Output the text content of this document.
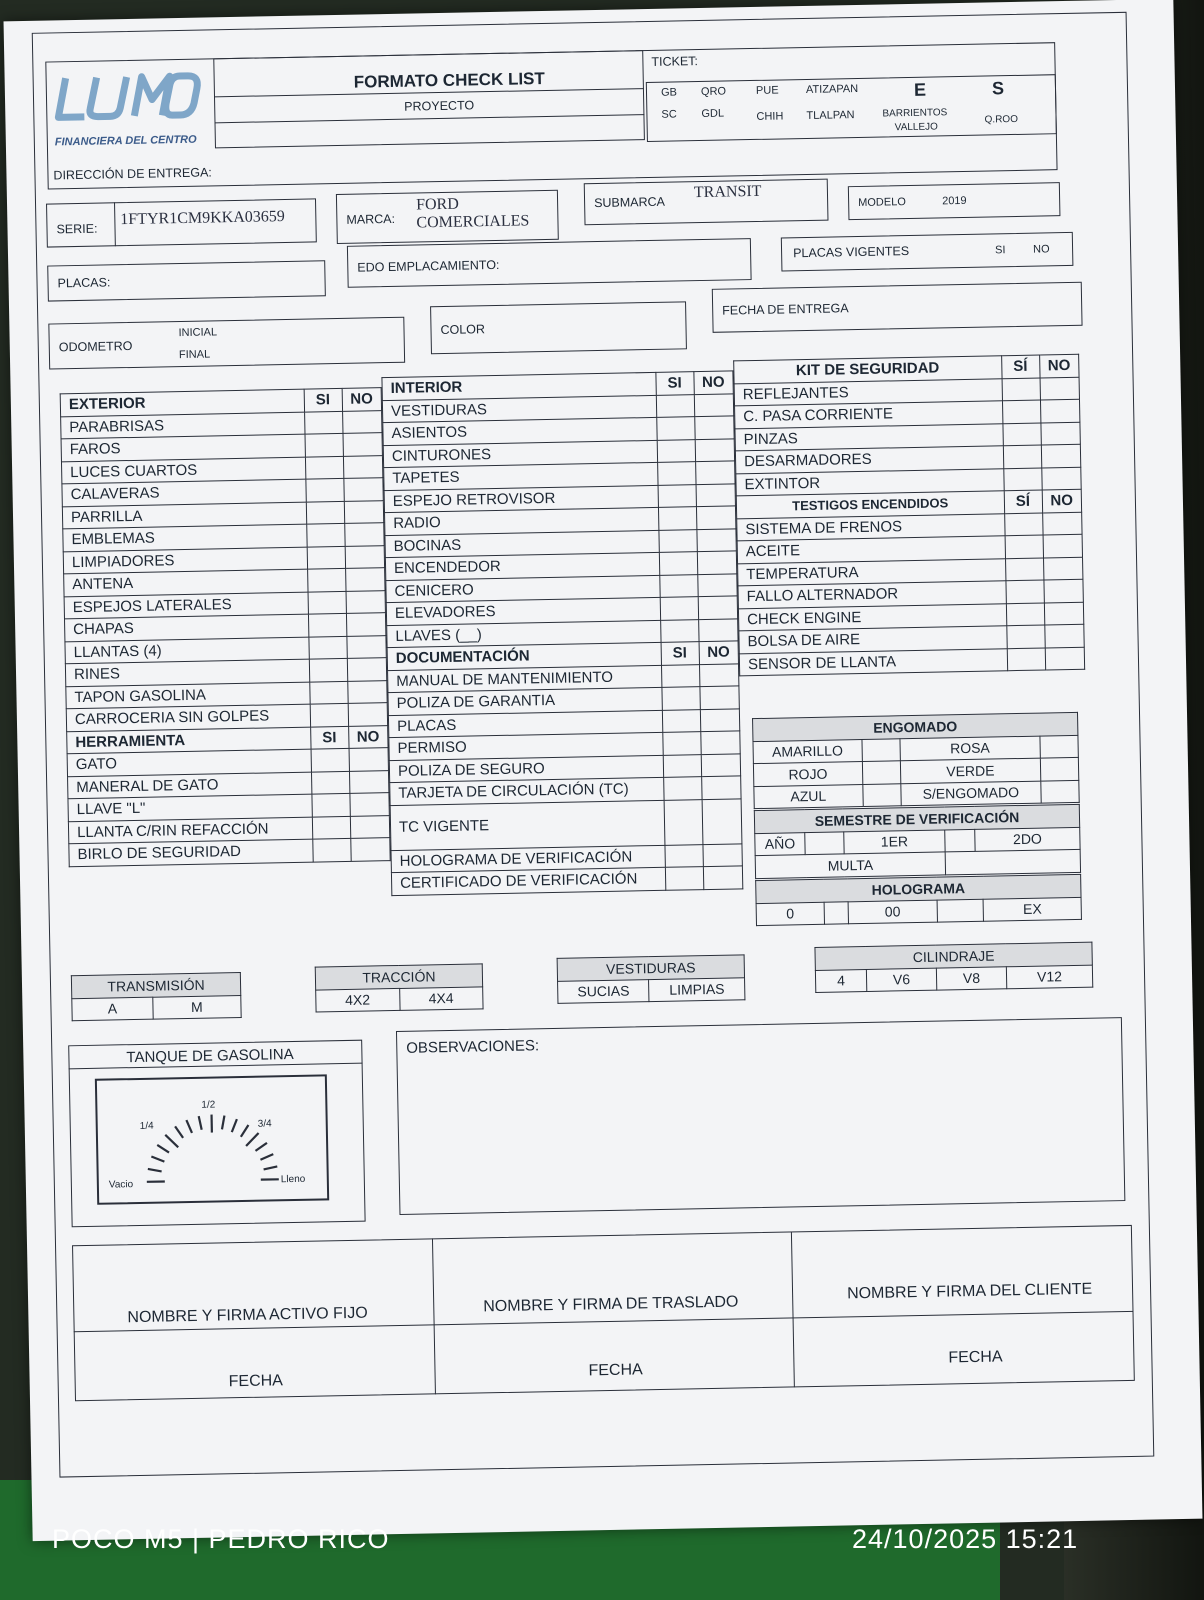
FINANCIERA DEL CENTRO
FORMATO CHECK LIST
PROYECTO
TICKET:
GB QRO	PUE ATIZAPAN	E	S
SC GDL	CHIH TLALPAN	BARRIENTOS
VALLEJO
Q.ROO
DIRECCIÓN DE ENTREGA:
SERIE:
1FTYR1CM9KKA03659	MARCA:
FORD COMERCIALES
SUBMARCA
TRANSIT
MODELO	2019
PLACAS:
EDO EMPLACAMIENTO:
PLACAS VIGENTES	SI NO
ODOMETRO
INICIAL
FINAL
COLOR
FECHA DE ENTREGA
EXTERIOR	SI	NO
PARABRISAS		
FAROS		
LUCES CUARTOS		
CALAVERAS		
PARRILLA		
EMBLEMAS		
LIMPIADORES		
ANTENA		
ESPEJOS LATERALES		
CHAPAS		
LLANTAS (4)		
RINES		
TAPON GASOLINA		
CARROCERIA SIN GOLPES		
HERRAMIENTA	SI	NO
GATO		
MANERAL DE GATO		
LLAVE "L"		
LLANTA C/RIN REFACCIÓN		
BIRLO DE SEGURIDAD		
INTERIOR	SI	NO
VESTIDURAS		
ASIENTOS		
CINTURONES		
TAPETES		
ESPEJO RETROVISOR		
RADIO		
BOCINAS		
ENCENDEDOR		
CENICERO		
ELEVADORES		
LLAVES (__)		
DOCUMENTACIÓN	SI	NO
MANUAL DE MANTENIMIENTO		
POLIZA DE GARANTIA		
PLACAS		
PERMISO		
POLIZA DE SEGURO		
TARJETA DE CIRCULACIÓN (TC)		
TC VIGENTE		
HOLOGRAMA DE VERIFICACIÓN		
CERTIFICADO DE VERIFICACIÓN		
KIT DE SEGURIDAD	SÍ	NO
REFLEJANTES		
C. PASA CORRIENTE		
PINZAS		
DESARMADORES		
EXTINTOR		
TESTIGOS ENCENDIDOS	SÍ	NO
SISTEMA DE FRENOS		
ACEITE		
TEMPERATURA		
FALLO ALTERNADOR		
CHECK ENGINE		
BOLSA DE AIRE		
SENSOR DE LLANTA		
ENGOMADO			
AMARILLO		ROSA	
ROJO		VERDE	
AZUL		S/ENGOMADO	
SEMESTRE DE VERIFICACIÓN				
AÑO		1ER		2DO
MULTA				
HOLOGRAMA
0		00		EX
TRANSMISIÓN
A	M
TRACCIÓN
4X2	4X4
VESTIDURAS
SUCIAS	LIMPIAS
CILINDRAJE
4	V6	V8	V12
TANQUE DE GASOLINA
1/4
1/2
3/4
Vacio	Lleno
OBSERVACIONES:
NOMBRE Y FIRMA ACTIVO FIJO
NOMBRE Y FIRMA DE TRASLADO
NOMBRE Y FIRMA DEL CLIENTE
FECHA
FECHA
FECHA
POCO M5 | PEDRO RICO	24/10/2025 15:21
